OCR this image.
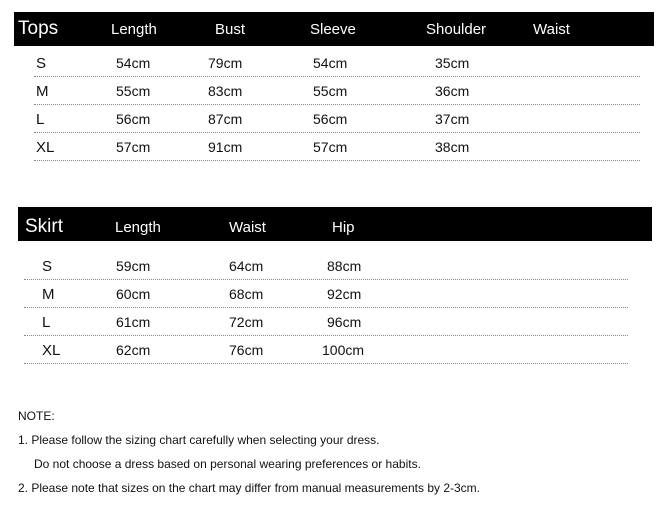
Tops	Length	Bust	Sleeve	Shoulder	Waist
S	54cm	79cm	54cm	35cm
M	55cm	83cm	55cm	36cm
L	56cm	87cm	56cm	37cm
XL	57cm	91cm	57cm	38cm
Skirt	Length	Waist	Hip
S	59cm	64cm	88cm
M	60cm	68cm	92cm
L	61cm	72cm	96cm
XL	62cm	76cm	100cm
NOTE:
1. Please follow the sizing chart carefully when selecting your dress.
Do not choose a dress based on personal wearing preferences or habits.
2. Please note that sizes on the chart may differ from manual measurements by 2-3cm.
